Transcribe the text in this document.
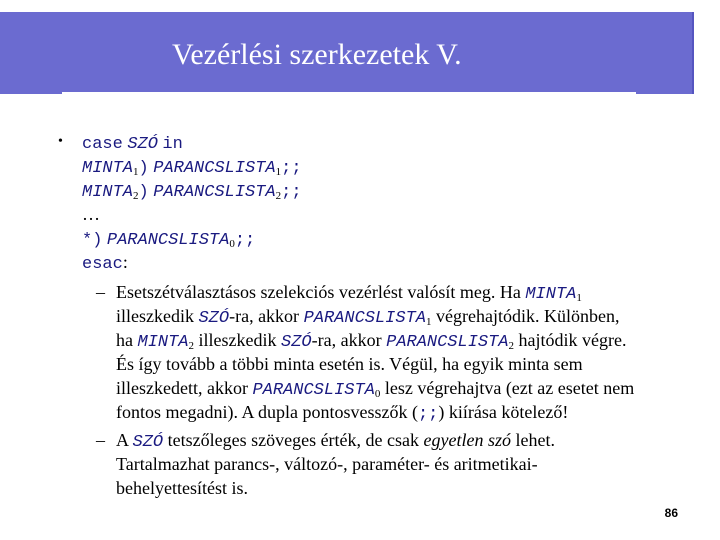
Vezérlési szerkezetek V.
• case SZÓ in
$MINTA_1$) $PARANCSLISTA_1$;;
$MINTA_2$) $PARANCSLISTA_2$;;
…
*) $PARANCSLISTA_0$;;
esac:
– Esetszétválasztásos szelekciós vezérlést valósít meg. Ha $MINTA_1$
illeszkedik SZÓ-ra, akkor $PARANCSLISTA_1$ végrehajtódik. Különben,
ha $MINTA_2$ illeszkedik SZÓ-ra, akkor $PARANCSLISTA_2$ hajtódik végre.
És így tovább a többi minta esetén is. Végül, ha egyik minta sem
illeszkedett, akkor $PARANCSLISTA_0$ lesz végrehajtva (ezt az esetet nem
fontos megadni). A dupla pontosvesszők (;;) kiírása kötelező!
– A SZÓ tetszőleges szöveges érték, de csak egyetlen szó lehet.
Tartalmazhat parancs-, változó-, paraméter- és aritmetikai-
behelyettesítést is.
86
